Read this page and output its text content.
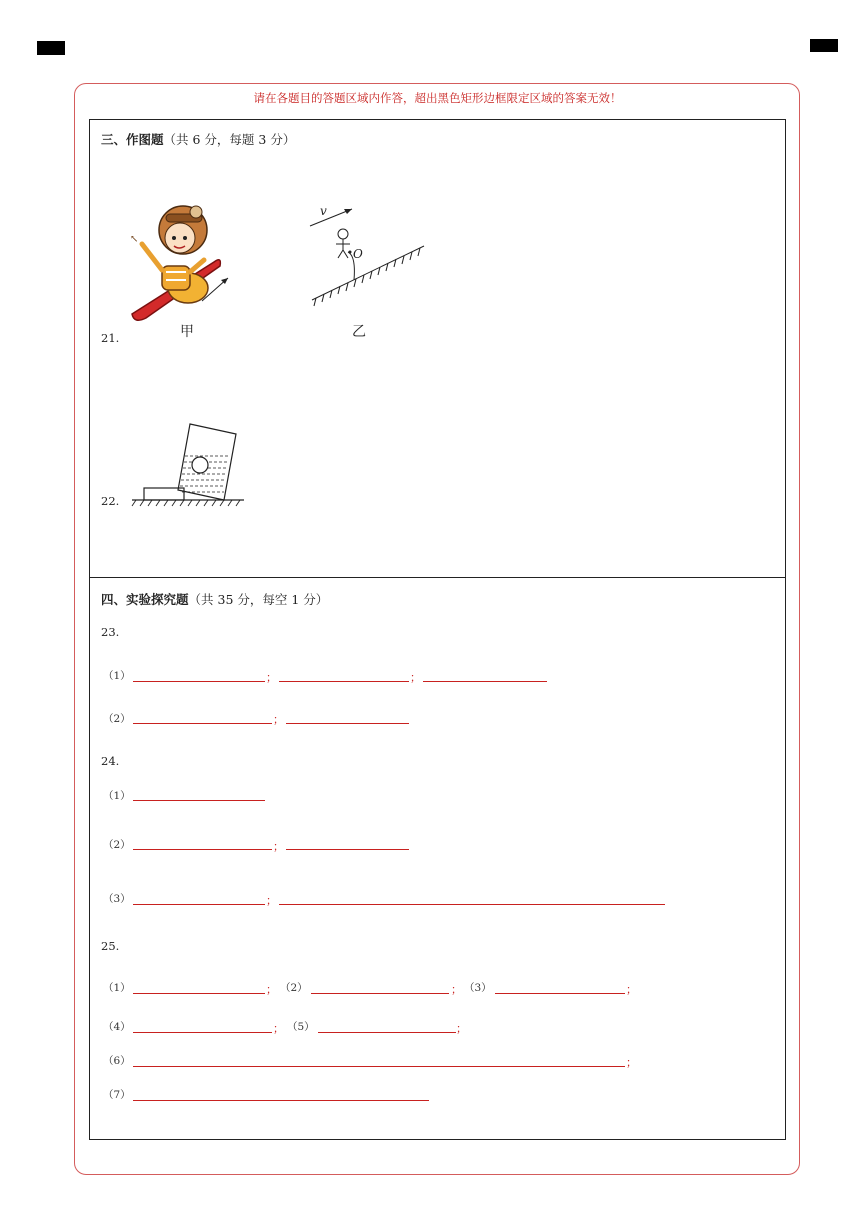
请在各题目的答题区域内作答，超出黑色矩形边框限定区域的答案无效！
三、作图题（共 6 分，每题 3 分）
21.
↖
甲
v
O
乙
22.
四、实验探究题（共 35 分，每空 1 分）
23.
（1）	；	；
（2）	；
24.
（1）
（2）	；
（3）	；
25.
（1）	； （2）	； （3）	；
（4）	； （5）	；
（6）	；
（7）
